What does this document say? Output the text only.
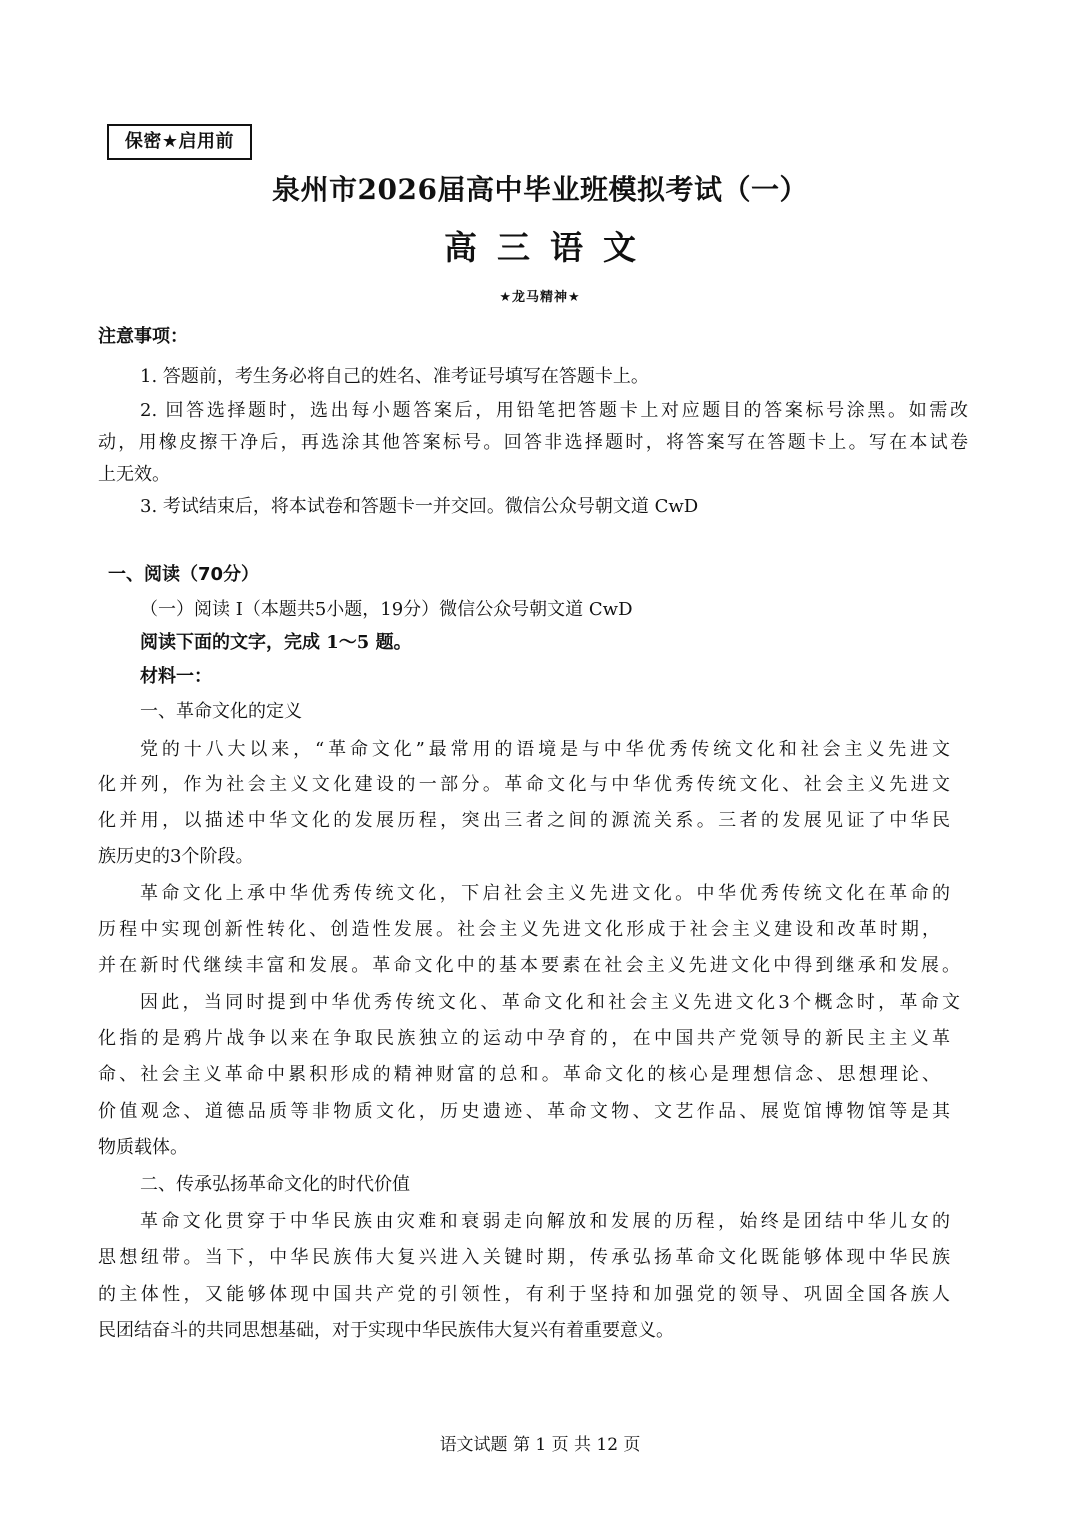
保密★启用前
泉州市2026届高中毕业班模拟考试（一）
高三语文
★龙马精神★
注意事项：
1. 答题前，考生务必将自己的姓名、准考证号填写在答题卡上。
2. 回答选择题时，选出每小题答案后，用铅笔把答题卡上对应题目的答案标号涂黑。如需改
动，用橡皮擦干净后，再选涂其他答案标号。回答非选择题时，将答案写在答题卡上。写在本试卷
上无效。
3. 考试结束后，将本试卷和答题卡一并交回。微信公众号朝文道 CwD
一、阅读（70分）
（一）阅读 I（本题共5小题，19分）微信公众号朝文道 CwD
阅读下面的文字，完成 1～5 题。
材料一：
一、革命文化的定义
党的十八大以来，“革命文化”最常用的语境是与中华优秀传统文化和社会主义先进文
化并列，作为社会主义文化建设的一部分。革命文化与中华优秀传统文化、社会主义先进文
化并用，以描述中华文化的发展历程，突出三者之间的源流关系。三者的发展见证了中华民
族历史的3个阶段。
革命文化上承中华优秀传统文化，下启社会主义先进文化。中华优秀传统文化在革命的
历程中实现创新性转化、创造性发展。社会主义先进文化形成于社会主义建设和改革时期，
并在新时代继续丰富和发展。革命文化中的基本要素在社会主义先进文化中得到继承和发展。
因此，当同时提到中华优秀传统文化、革命文化和社会主义先进文化3个概念时，革命文
化指的是鸦片战争以来在争取民族独立的运动中孕育的，在中国共产党领导的新民主主义革
命、社会主义革命中累积形成的精神财富的总和。革命文化的核心是理想信念、思想理论、
价值观念、道德品质等非物质文化，历史遗迹、革命文物、文艺作品、展览馆博物馆等是其
物质载体。
二、传承弘扬革命文化的时代价值
革命文化贯穿于中华民族由灾难和衰弱走向解放和发展的历程，始终是团结中华儿女的
思想纽带。当下，中华民族伟大复兴进入关键时期，传承弘扬革命文化既能够体现中华民族
的主体性，又能够体现中国共产党的引领性，有利于坚持和加强党的领导、巩固全国各族人
民团结奋斗的共同思想基础，对于实现中华民族伟大复兴有着重要意义。
语文试题 第 1 页 共 12 页
